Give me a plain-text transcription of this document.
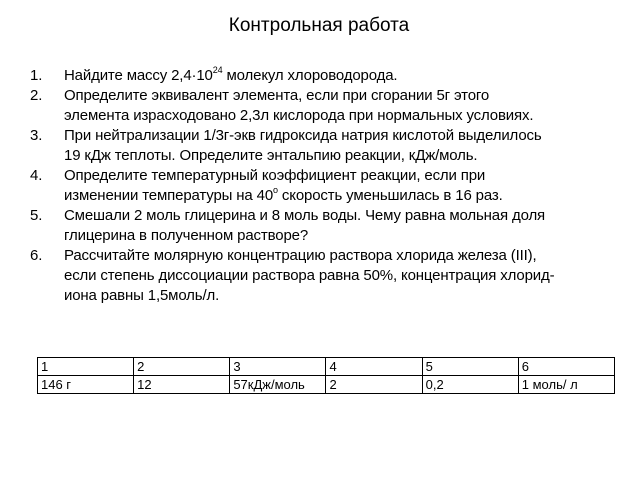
Контрольная работа
1. Найдите массу $2,4\cdot 10^{24}$ молекул хлороводорода.
2. Определите эквивалент элемента, если при сгорании 5г этого
элемента израсходовано 2,3л кислорода при нормальных условиях.
3. При нейтрализации 1/3г-экв гидроксида натрия кислотой выделилось
19 кДж теплоты. Определите энтальпию реакции, кДж/моль.
4. Определите температурный коэффициент реакции, если при
изменении температуры на $40^о$ скорость уменьшилась в 16 раз.
5. Смешали 2 моль глицерина и 8 моль воды. Чему равна мольная доля
глицерина в полученном растворе?
6. Рассчитайте молярную концентрацию раствора хлорида железа (III),
если степень диссоциации раствора равна 50%, концентрация хлорид-
иона равны 1,5моль/л.
1	2	3	4	5	6
146 г	12	57кДж/моль	2	0,2	1 моль/ л
